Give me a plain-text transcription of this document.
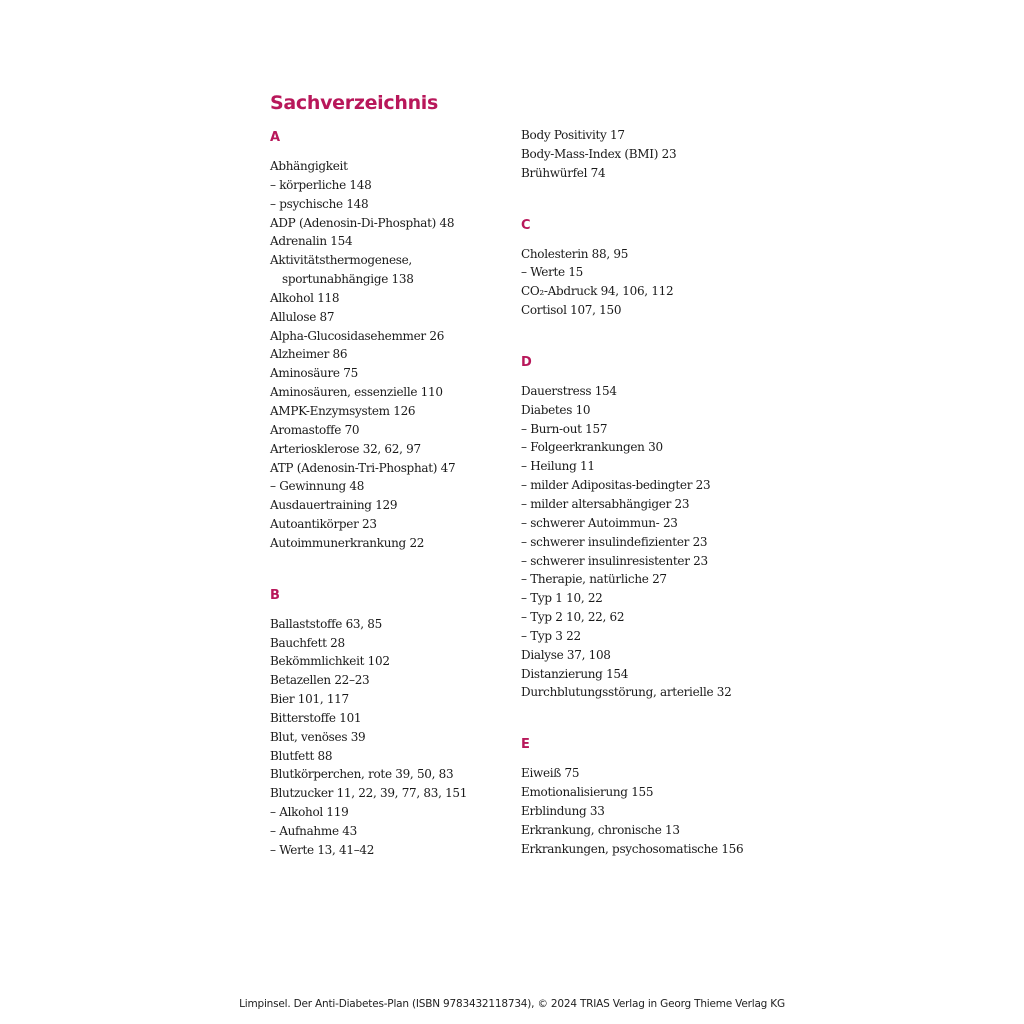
Sachverzeichnis
A
Abhängigkeit
– körperliche 148
– psychische 148
ADP (Adenosin-Di-Phosphat) 48
Adrenalin 154
Aktivitätsthermogenese,
sportunabhängige 138
Alkohol 118
Allulose 87
Alpha-Glucosidasehemmer 26
Alzheimer 86
Aminosäure 75
Aminosäuren, essenzielle 110
AMPK-Enzymsystem 126
Aromastoffe 70
Arteriosklerose 32, 62, 97
ATP (Adenosin-Tri-Phosphat) 47
– Gewinnung 48
Ausdauertraining 129
Autoantikörper 23
Autoimmunerkrankung 22
B
Ballaststoffe 63, 85
Bauchfett 28
Bekömmlichkeit 102
Betazellen 22–23
Bier 101, 117
Bitterstoffe 101
Blut, venöses 39
Blutfett 88
Blutkörperchen, rote 39, 50, 83
Blutzucker 11, 22, 39, 77, 83, 151
– Alkohol 119
– Aufnahme 43
– Werte 13, 41–42
Body Positivity 17
Body-Mass-Index (BMI) 23
Brühwürfel 74
C
Cholesterin 88, 95
– Werte 15
CO₂-Abdruck 94, 106, 112
Cortisol 107, 150
D
Dauerstress 154
Diabetes 10
– Burn-out 157
– Folgeerkrankungen 30
– Heilung 11
– milder Adipositas-bedingter 23
– milder altersabhängiger 23
– schwerer Autoimmun- 23
– schwerer insulindefizienter 23
– schwerer insulinresistenter 23
– Therapie, natürliche 27
– Typ 1 10, 22
– Typ 2 10, 22, 62
– Typ 3 22
Dialyse 37, 108
Distanzierung 154
Durchblutungsstörung, arterielle 32
E
Eiweiß 75
Emotionalisierung 155
Erblindung 33
Erkrankung, chronische 13
Erkrankungen, psychosomatische 156
Limpinsel. Der Anti-Diabetes-Plan (ISBN 9783432118734), © 2024 TRIAS Verlag in Georg Thieme Verlag KG
